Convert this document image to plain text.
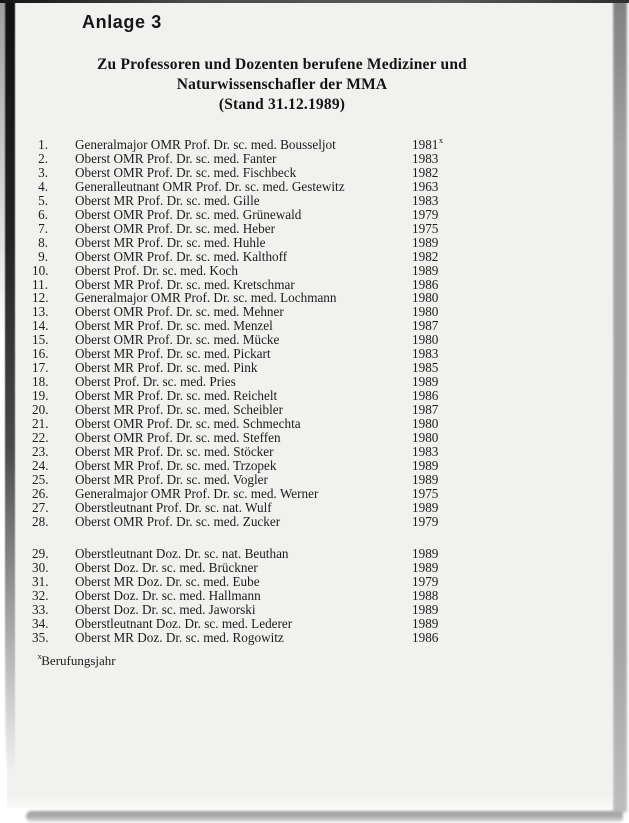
Anlage 3
Zu Professoren und Dozenten berufene Mediziner und
Naturwissenschafler der MMA
(Stand 31.12.1989)
1. Generalmajor OMR Prof. Dr. sc. med. Bousseljot	1981$^x$
2. Oberst OMR Prof. Dr. sc. med. Fanter	1983
3. Oberst OMR Prof. Dr. sc. med. Fischbeck	1982
4. Generalleutnant OMR Prof. Dr. sc. med. Gestewitz	1963
5. Oberst MR Prof. Dr. sc. med. Gille	1983
6. Oberst OMR Prof. Dr. sc. med. Grünewald	1979
7. Oberst OMR Prof. Dr. sc. med. Heber	1975
8. Oberst MR Prof. Dr. sc. med. Huhle	1989
9. Oberst OMR Prof. Dr. sc. med. Kalthoff	1982
10. Oberst Prof. Dr. sc. med. Koch	1989
11. Oberst MR Prof. Dr. sc. med. Kretschmar	1986
12. Generalmajor OMR Prof. Dr. sc. med. Lochmann	1980
13. Oberst OMR Prof. Dr. sc. med. Mehner	1980
14. Oberst MR Prof. Dr. sc. med. Menzel	1987
15. Oberst OMR Prof. Dr. sc. med. Mücke	1980
16. Oberst MR Prof. Dr. sc. med. Pickart	1983
17. Oberst MR Prof. Dr. sc. med. Pink	1985
18. Oberst Prof. Dr. sc. med. Pries	1989
19. Oberst MR Prof. Dr. sc. med. Reichelt	1986
20. Oberst MR Prof. Dr. sc. med. Scheibler	1987
21. Oberst OMR Prof. Dr. sc. med. Schmechta	1980
22. Oberst OMR Prof. Dr. sc. med. Steffen	1980
23. Oberst MR Prof. Dr. sc. med. Stöcker	1983
24. Oberst MR Prof. Dr. sc. med. Trzopek	1989
25. Oberst MR Prof. Dr. sc. med. Vogler	1989
26. Generalmajor OMR Prof. Dr. sc. med. Werner	1975
27. Oberstleutnant Prof. Dr. sc. nat. Wulf	1989
28. Oberst OMR Prof. Dr. sc. med. Zucker	1979
29. Oberstleutnant Doz. Dr. sc. nat. Beuthan	1989
30. Oberst Doz. Dr. sc. med. Brückner	1989
31. Oberst MR Doz. Dr. sc. med. Eube	1979
32. Oberst Doz. Dr. sc. med. Hallmann	1988
33. Oberst Doz. Dr. sc. med. Jaworski	1989
34. Oberstleutnant Doz. Dr. sc. med. Lederer	1989
35. Oberst MR Doz. Dr. sc. med. Rogowitz	1986
$^x$Berufungsjahr
